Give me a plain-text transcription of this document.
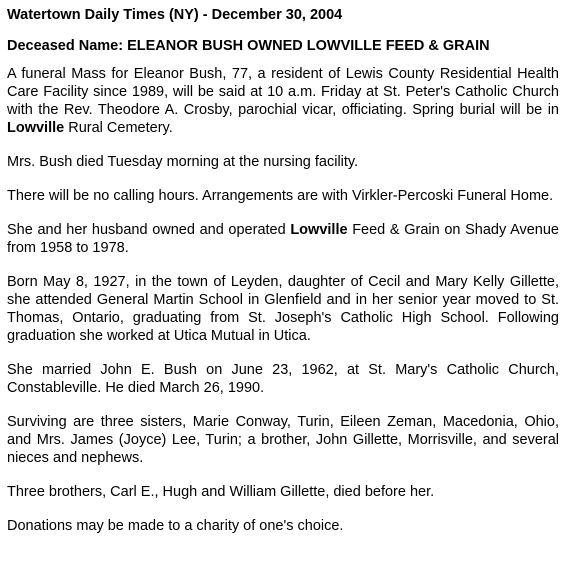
Watertown Daily Times (NY) - December 30, 2004
Deceased Name: ELEANOR BUSH OWNED LOWVILLE FEED & GRAIN

A funeral Mass for Eleanor Bush, 77, a resident of Lewis County Residential Health Care Facility since 1989, will be said at 10 a.m. Friday at St. Peter's Catholic Church with the Rev. Theodore A. Crosby, parochial vicar, officiating. Spring burial will be in Lowville Rural Cemetery.

Mrs. Bush died Tuesday morning at the nursing facility.

There will be no calling hours. Arrangements are with Virkler-Percoski Funeral Home.

She and her husband owned and operated Lowville Feed & Grain on Shady Avenue from 1958 to 1978.

Born May 8, 1927, in the town of Leyden, daughter of Cecil and Mary Kelly Gillette, she attended General Martin School in Glenfield and in her senior year moved to St. Thomas, Ontario, graduating from St. Joseph's Catholic High School. Following graduation she worked at Utica Mutual in Utica.

She married John E. Bush on June 23, 1962, at St. Mary's Catholic Church, Constableville. He died March 26, 1990.

Surviving are three sisters, Marie Conway, Turin, Eileen Zeman, Macedonia, Ohio, and Mrs. James (Joyce) Lee, Turin; a brother, John Gillette, Morrisville, and several nieces and nephews.

Three brothers, Carl E., Hugh and William Gillette, died before her.

Donations may be made to a charity of one's choice.
